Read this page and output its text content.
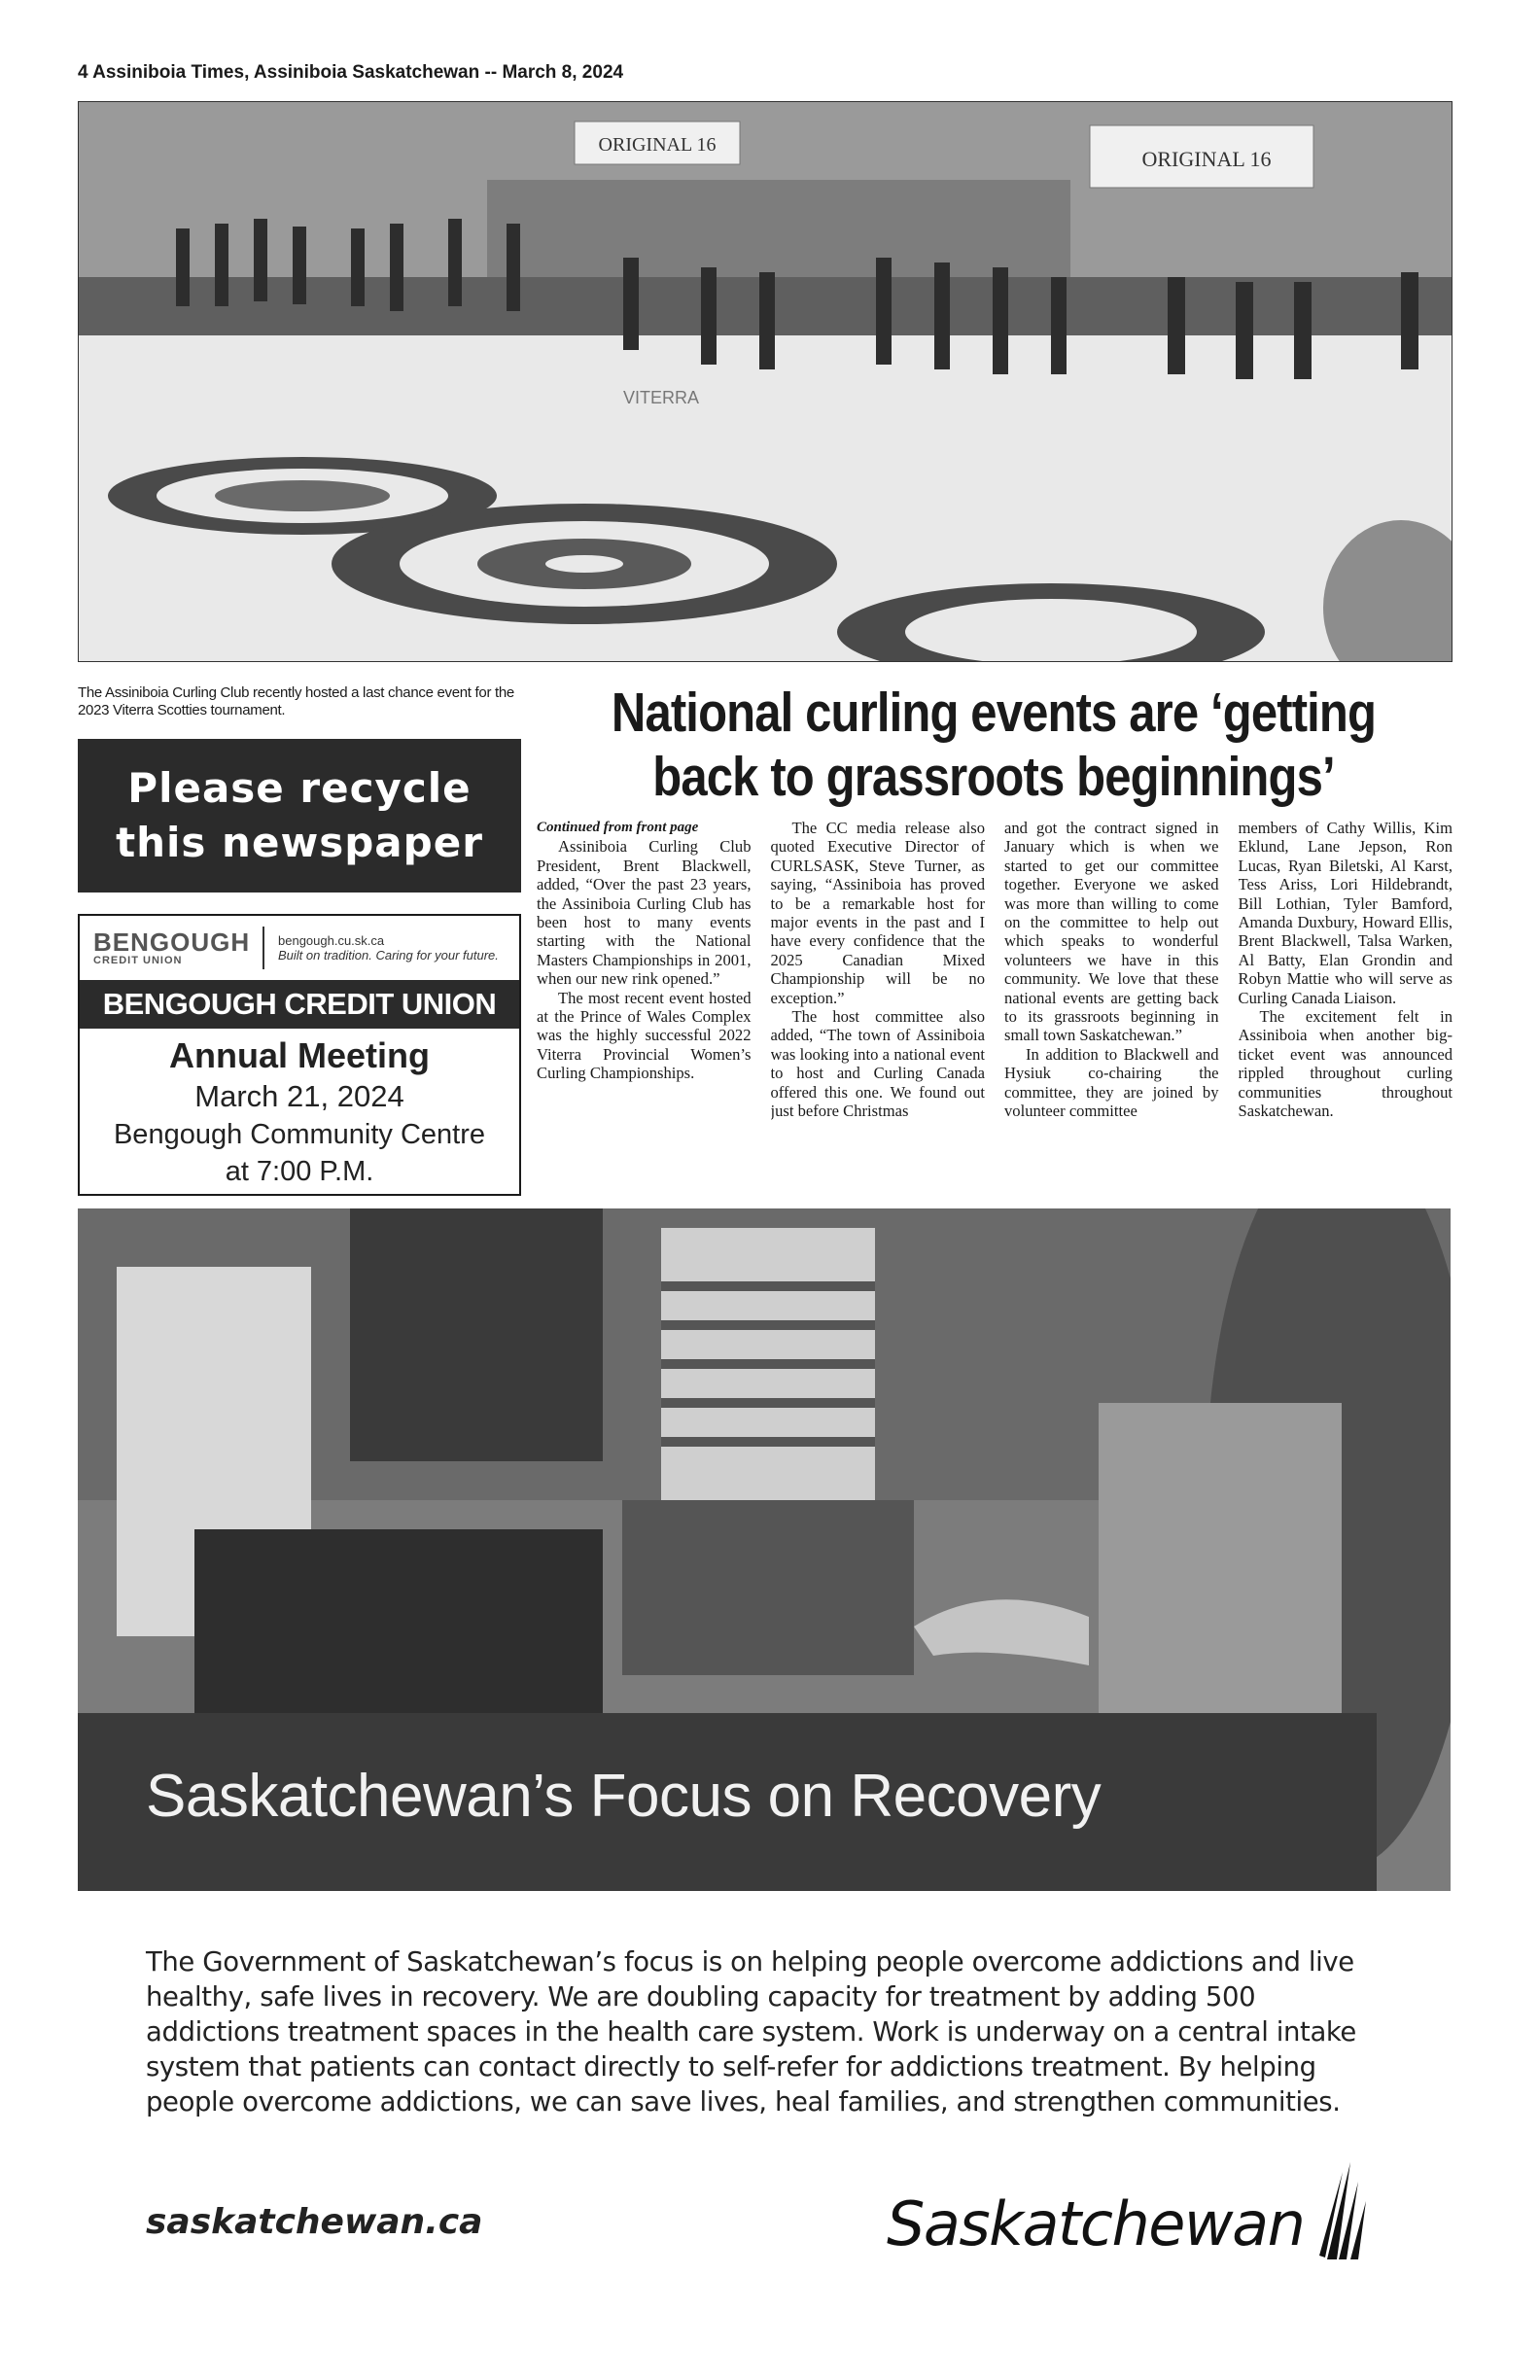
4 Assiniboia Times, Assiniboia Saskatchewan -- March 8, 2024
ORIGINAL 16
ORIGINAL 16
VITERRA
The Assiniboia Curling Club recently hosted a last chance event for the 2023 Viterra Scotties tournament.
Please recycle
this newspaper
BENGOUGH
CREDIT UNION
bengough.cu.sk.ca
Built on tradition. Caring for your future.
BENGOUGH CREDIT UNION
Annual Meeting
March 21, 2024
Bengough Community Centre
at 7:00 P.M.
National curling events are ‘getting
back to grassroots beginnings’

Continued from front page

Assiniboia Curling Club President, Brent Blackwell, added, “Over the past 23 years, the Assiniboia Curling Club has been host to many events starting with the National Masters Championships in 2001, when our new rink opened.”

The most recent event hosted at the Prince of Wales Complex was the highly successful 2022 Viterra Provincial Women’s Curling Championships.

The CC media release also quoted Executive Director of CURLSASK, Steve Turner, as saying, “Assiniboia has proved to be a remarkable host for major events in the past and I have every confidence that the 2025 Canadian Mixed Championship will be no exception.”

The host committee also added, “The town of Assiniboia was looking into a national event to host and Curling Canada offered this one. We found out just before Christmas

and got the contract signed in January which is when we started to get our committee together. Everyone we asked was more than willing to come on the committee to help out which speaks to wonderful volunteers we have in this community. We love that these national events are getting back to its grassroots beginning in small town Saskatchewan.”

In addition to Blackwell and Hysiuk co-chairing the committee, they are joined by volunteer committee

members of Cathy Willis, Kim Eklund, Lane Jepson, Ron Lucas, Ryan Biletski, Al Karst, Tess Ariss, Lori Hildebrandt, Bill Lothian, Tyler Bamford, Amanda Duxbury, Howard Ellis, Brent Blackwell, Talsa Warken, Al Batty, Elan Grondin and Robyn Mattie who will serve as Curling Canada Liaison.

The excitement felt in Assiniboia when another big-ticket event was announced rippled throughout curling communities throughout Saskatchewan.

Saskatchewan’s Focus on Recovery
The Government of Saskatchewan’s focus is on helping people overcome addictions and live healthy, safe lives in recovery. We are doubling capacity for treatment by adding 500 addictions treatment spaces in the health care system. Work is underway on a central intake system that patients can contact directly to self-refer for addictions treatment. By helping people overcome addictions, we can save lives, heal families, and strengthen communities.
saskatchewan.ca	Saskatchewan
